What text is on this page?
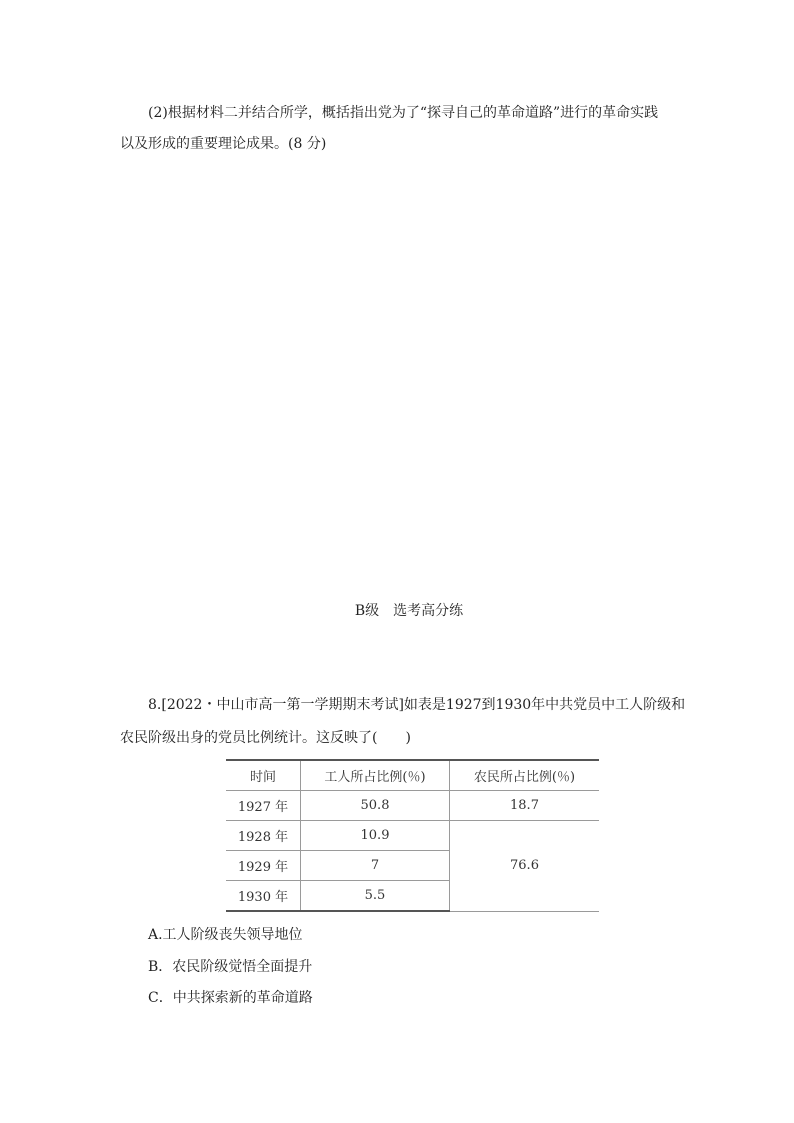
(2)根据材料二并结合所学，概括指出党为了“探寻自己的革命道路”进行的革命实践
以及形成的重要理论成果。(8 分)
B级　选考高分练
8.[2022・中山市高一第一学期期末考试]如表是1927到1930年中共党员中工人阶级和
农民阶级出身的党员比例统计。这反映了(　　)
时间	工人所占比例(％)	农民所占比例(％)
1927 年	50.8	18.7
1928 年	10.9	76.6
1929 年	7	
1930 年	5.5	
A.工人阶级丧失领导地位
B．农民阶级觉悟全面提升
C．中共探索新的革命道路
